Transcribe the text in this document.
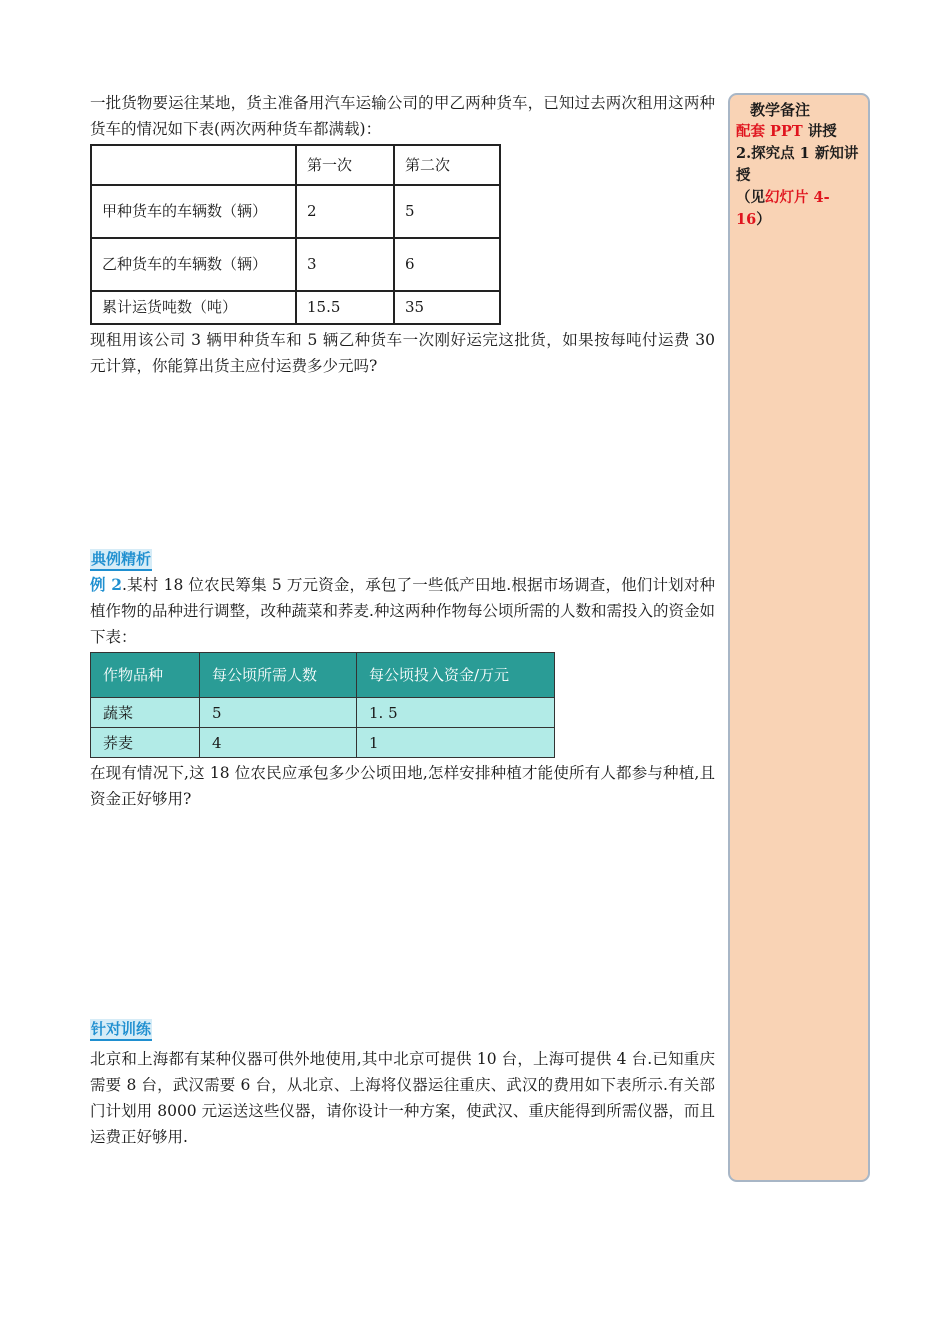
一批货物要运往某地，货主准备用汽车运输公司的甲乙两种货车，已知过去两次租用这两种货车的情况如下表(两次两种货车都满载)：

	第一次	第二次
甲种货车的车辆数（辆）	2	5
乙种货车的车辆数（辆）	3	6
累计运货吨数（吨）	15.5	35

现租用该公司 3 辆甲种货车和 5 辆乙种货车一次刚好运完这批货，如果按每吨付运费 30 元计算，你能算出货主应付运费多少元吗?

典例精析

例 2.某村 18 位农民筹集 5 万元资金，承包了一些低产田地.根据市场调查，他们计划对种植作物的品种进行调整，改种蔬菜和荞麦.种这两种作物每公顷所需的人数和需投入的资金如下表：

作物品种	每公顷所需人数	每公顷投入资金/万元
蔬菜	5	1. 5
荞麦	4	1

在现有情况下,这 18 位农民应承包多少公顷田地,怎样安排种植才能使所有人都参与种植,且资金正好够用?

针对训练

北京和上海都有某种仪器可供外地使用,其中北京可提供 10 台，上海可提供 4 台.已知重庆需要 8 台，武汉需要 6 台，从北京、上海将仪器运往重庆、武汉的费用如下表所示.有关部门计划用 8000 元运送这些仪器，请你设计一种方案，使武汉、重庆能得到所需仪器，而且运费正好够用.

教学备注
配套 PPT 讲授
2.探究点 1 新知讲授
（见幻灯片 4-16）
